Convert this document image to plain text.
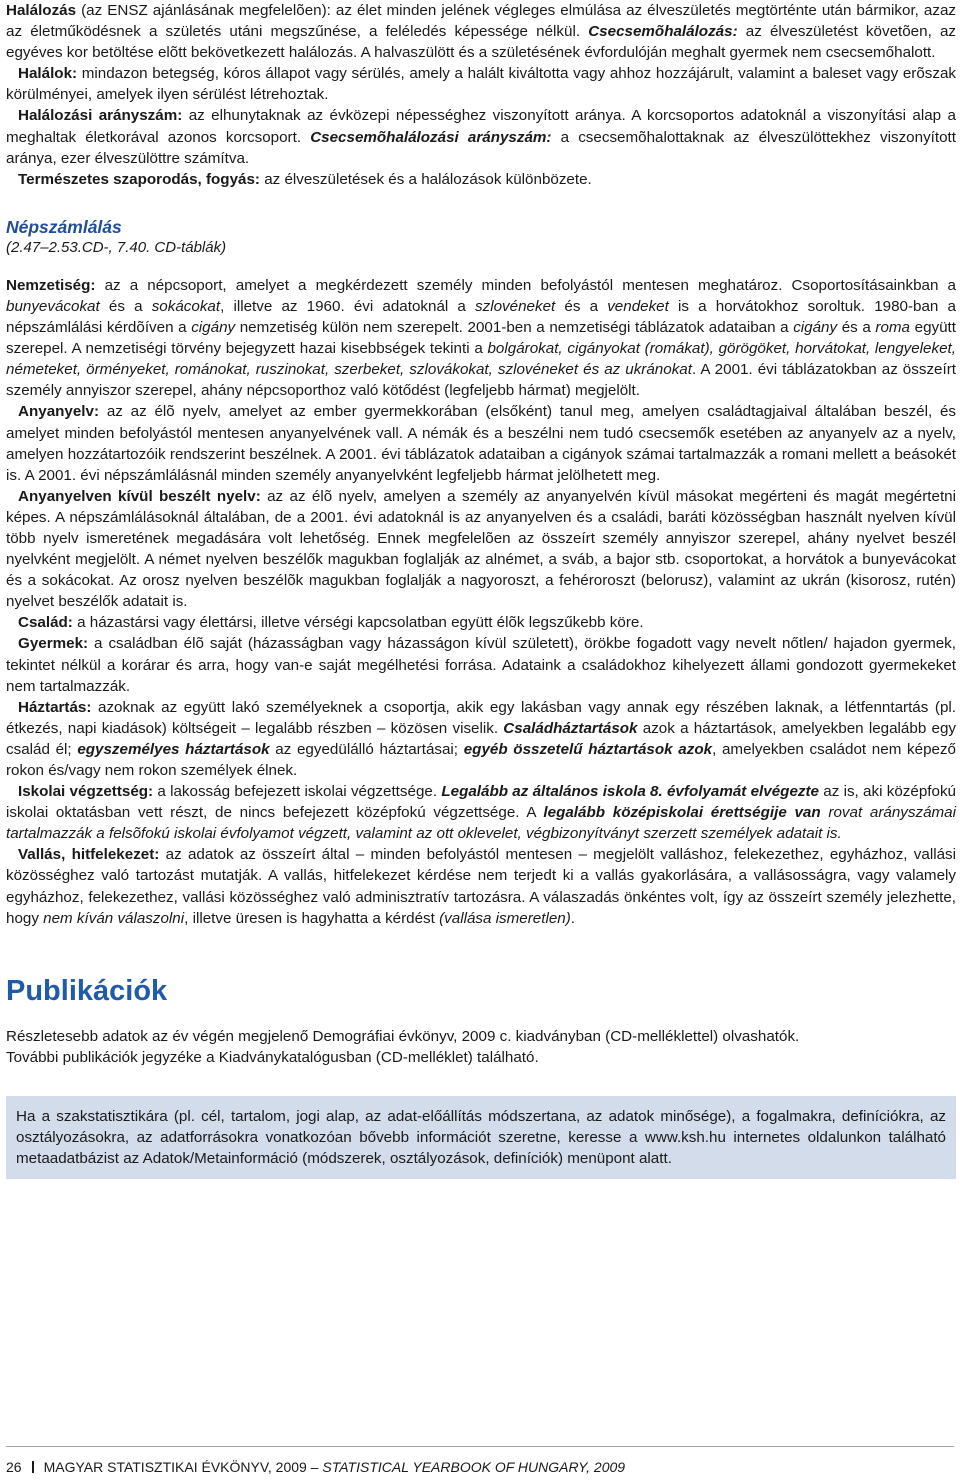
Halálozás (az ENSZ ajánlásának megfelelõen): az élet minden jelének végleges elmúlása az élveszületés megtörténte után bármikor, azaz az életműködésnek a születés utáni megszűnése, a feléledés képessége nélkül. Csecsemõhalálozás: az élveszületést követõen, az egyéves kor betöltése elõtt bekövetkezett halálozás. A halvaszülött és a születésének évfordulóján meghalt gyermek nem csecsemőhalott.

Halálok: mindazon betegség, kóros állapot vagy sérülés, amely a halált kiváltotta vagy ahhoz hozzájárult, valamint a baleset vagy erõszak körülményei, amelyek ilyen sérülést létrehoztak.

Halálozási arányszám: az elhunytaknak az évközepi népességhez viszonyított aránya. A korcsoportos adatoknál a viszonyítási alap a meghaltak életkorával azonos korcsoport. Csecsemõhalálozási arányszám: a csecsemõhalottaknak az élveszülöttekhez viszonyított aránya, ezer élveszülöttre számítva.

Természetes szaporodás, fogyás: az élveszületések és a halálozások különbözete.

Népszámlálás

(2.47–2.53.CD-, 7.40. CD-táblák)

Nemzetiség: az a népcsoport, amelyet a megkérdezett személy minden befolyástól mentesen meghatároz. Csoportosításainkban a bunyevácokat és a sokácokat, illetve az 1960. évi adatoknál a szlovéneket és a vendeket is a horvátokhoz soroltuk. 1980-ban a népszámlálási kérdõíven a cigány nemzetiség külön nem szerepelt. 2001-ben a nemzetiségi táblázatok adataiban a cigány és a roma együtt szerepel. A nemzetiségi törvény bejegyzett hazai kisebbségek tekinti a bolgárokat, cigányokat (romákat), görögöket, horvátokat, lengyeleket, németeket, örményeket, románokat, ruszinokat, szerbeket, szlovákokat, szlovéneket és az ukránokat. A 2001. évi táblázatokban az összeírt személy annyiszor szerepel, ahány népcsoporthoz való kötődést (legfeljebb hármat) megjelölt.

Anyanyelv: az az élõ nyelv, amelyet az ember gyermekkorában (elsőként) tanul meg, amelyen családtagjaival általában beszél, és amelyet minden befolyástól mentesen anyanyelvének vall. A némák és a beszélni nem tudó csecsemők esetében az anyanyelv az a nyelv, amelyen hozzátartozóik rendszerint beszélnek. A 2001. évi táblázatok adataiban a cigányok számai tartalmazzák a romani mellett a beásokét is. A 2001. évi népszámlálásnál minden személy anyanyelvként legfeljebb hármat jelölhetett meg.

Anyanyelven kívül beszélt nyelv: az az élõ nyelv, amelyen a személy az anyanyelvén kívül másokat megérteni és magát megértetni képes. A népszámlálásoknál általában, de a 2001. évi adatoknál is az anyanyelven és a családi, baráti közösségban használt nyelven kívül több nyelv ismeretének megadására volt lehetőség. Ennek megfelelõen az összeírt személy annyiszor szerepel, ahány nyelvet beszél nyelvként megjelölt. A német nyelven beszélők magukban foglalják az alnémet, a sváb, a bajor stb. csoportokat, a horvátok a bunyevácokat és a sokácokat. Az orosz nyelven beszélõk magukban foglalják a nagyoroszt, a fehéroroszt (belorusz), valamint az ukrán (kisorosz, rutén) nyelvet beszélők adatait is.

Család: a házastársi vagy élettársi, illetve vérségi kapcsolatban együtt élõk legszűkebb köre.

Gyermek: a családban élõ saját (házasságban vagy házasságon kívül született), örökbe fogadott vagy nevelt nőtlen/ hajadon gyermek, tekintet nélkül a korárar és arra, hogy van-e saját megélhetési forrása. Adataink a családokhoz kihelyezett állami gondozott gyermekeket nem tartalmazzák.

Háztartás: azoknak az együtt lakó személyeknek a csoportja, akik egy lakásban vagy annak egy részében laknak, a létfenntartás (pl. étkezés, napi kiadások) költségeit – legalább részben – közösen viselik. Családháztartások azok a háztartások, amelyekben legalább egy család él; egyszemélyes háztartások az egyedülálló háztartásai; egyéb összetelű háztartások azok, amelyekben családot nem képező rokon és/vagy nem rokon személyek élnek.

Iskolai végzettség: a lakosság befejezett iskolai végzettsége. Legalább az általános iskola 8. évfolyamát elvégezte az is, aki középfokú iskolai oktatásban vett részt, de nincs befejezett középfokú végzettsége. A legalább középiskolai érettségije van rovat arányszámai tartalmazzák a felsõfokú iskolai évfolyamot végzett, valamint az ott oklevelet, végbizonyítványt szerzett személyek adatait is.

Vallás, hitfelekezet: az adatok az összeírt által – minden befolyástól mentesen – megjelölt valláshoz, felekezethez, egyházhoz, vallási közösséghez való tartozást mutatják. A vallás, hitfelekezet kérdése nem terjedt ki a vallás gyakorlására, a vallásosságra, vagy valamely egyházhoz, felekezethez, vallási közösséghez való adminisztratív tartozásra. A válaszadás önkéntes volt, így az összeírt személy jelezhette, hogy nem kíván válaszolni, illetve üresen is hagyhatta a kérdést (vallása ismeretlen).

Publikációk

Részletesebb adatok az év végén megjelenő Demográfiai évkönyv, 2009 c. kiadványban (CD-melléklettel) olvashatók.

További publikációk jegyzéke a Kiadványkatalógusban (CD-melléklet) található.

Ha a szakstatisztikára (pl. cél, tartalom, jogi alap, az adat-előállítás módszertana, az adatok minősége), a fogalmakra, definíciókra, az osztályozásokra, az adatforrásokra vonatkozóan bővebb információt szeretne, keresse a www.ksh.hu internetes oldalunkon található metaadatbázist az Adatok/Metainformáció (módszerek, osztályozások, definíciók) menüpont alatt.

26 MAGYAR STATISZTIKAI ÉVKÖNYV, 2009 – STATISTICAL YEARBOOK OF HUNGARY, 2009
